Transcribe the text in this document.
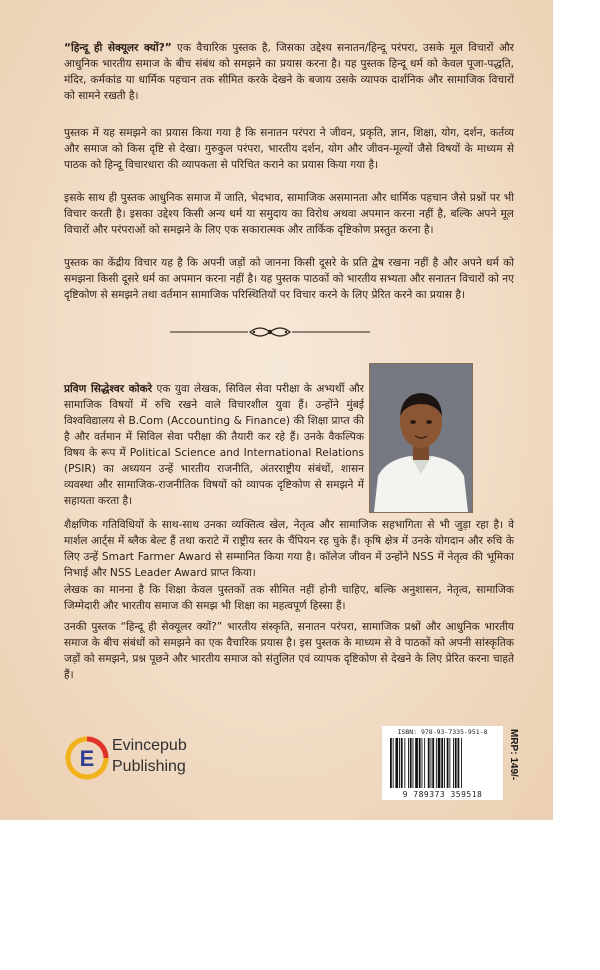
“हिन्दू ही सेक्यूलर क्यों?” एक वैचारिक पुस्तक है, जिसका उद्देश्य सनातन/हिन्दू परंपरा, उसके मूल विचारों और आधुनिक भारतीय समाज के बीच संबंध को समझने का प्रयास करना है। यह पुस्तक हिन्दू धर्म को केवल पूजा-पद्धति, मंदिर, कर्मकांड या धार्मिक पहचान तक सीमित करके देखने के बजाय उसके व्यापक दार्शनिक और सामाजिक विचारों को सामने रखती है।

पुस्तक में यह समझने का प्रयास किया गया है कि सनातन परंपरा ने जीवन, प्रकृति, ज्ञान, शिक्षा, योग, दर्शन, कर्तव्य और समाज को किस दृष्टि से देखा। गुरुकुल परंपरा, भारतीय दर्शन, योग और जीवन-मूल्यों जैसे विषयों के माध्यम से पाठक को हिन्दू विचारधारा की व्यापकता से परिचित कराने का प्रयास किया गया है।

इसके साथ ही पुस्तक आधुनिक समाज में जाति, भेदभाव, सामाजिक असमानता और धार्मिक पहचान जैसे प्रश्नों पर भी विचार करती है। इसका उद्देश्य किसी अन्य धर्म या समुदाय का विरोध अथवा अपमान करना नहीं है, बल्कि अपने मूल विचारों और परंपराओं को समझने के लिए एक सकारात्मक और तार्किक दृष्टिकोण प्रस्तुत करना है।

पुस्तक का केंद्रीय विचार यह है कि अपनी जड़ों को जानना किसी दूसरे के प्रति द्वेष रखना नहीं है और अपने धर्म को समझना किसी दूसरे धर्म का अपमान करना नहीं है। यह पुस्तक पाठकों को भारतीय सभ्यता और सनातन विचारों को नए दृष्टिकोण से समझने तथा वर्तमान सामाजिक परिस्थितियों पर विचार करने के लिए प्रेरित करने का प्रयास है।

प्रविण सिद्धेश्वर कोकरे एक युवा लेखक, सिविल सेवा परीक्षा के अभ्यर्थी और सामाजिक विषयों में रुचि रखने वाले विचारशील युवा हैं। उन्होंने मुंबई विश्वविद्यालय से B.Com (Accounting & Finance) की शिक्षा प्राप्त की है और वर्तमान में सिविल सेवा परीक्षा की तैयारी कर रहे हैं। उनके वैकल्पिक विषय के रूप में Political Science and International Relations (PSIR) का अध्ययन उन्हें भारतीय राजनीति, अंतरराष्ट्रीय संबंधों, शासन व्यवस्था और सामाजिक-राजनीतिक विषयों को व्यापक दृष्टिकोण से समझने में सहायता करता है।

शैक्षणिक गतिविधियों के साथ-साथ उनका व्यक्तित्व खेल, नेतृत्व और सामाजिक सहभागिता से भी जुड़ा रहा है। वे मार्शल आर्ट्स में ब्लैक बेल्ट हैं तथा कराटे में राष्ट्रीय स्तर के चैंपियन रह चुके हैं। कृषि क्षेत्र में उनके योगदान और रुचि के लिए उन्हें Smart Farmer Award से सम्मानित किया गया है। कॉलेज जीवन में उन्होंने NSS में नेतृत्व की भूमिका निभाई और NSS Leader Award प्राप्त किया।

लेखक का मानना है कि शिक्षा केवल पुस्तकों तक सीमित नहीं होनी चाहिए, बल्कि अनुशासन, नेतृत्व, सामाजिक जिम्मेदारी और भारतीय समाज की समझ भी शिक्षा का महत्वपूर्ण हिस्सा हैं।

उनकी पुस्तक “हिन्दू ही सेक्यूलर क्यों?” भारतीय संस्कृति, सनातन परंपरा, सामाजिक प्रश्नों और आधुनिक भारतीय समाज के बीच संबंधों को समझने का एक वैचारिक प्रयास है। इस पुस्तक के माध्यम से वे पाठकों को अपनी सांस्कृतिक जड़ों को समझने, प्रश्न पूछने और भारतीय समाज को संतुलित एवं व्यापक दृष्टिकोण से देखने के लिए प्रेरित करना चाहते हैं।

E
Evincepub
Publishing
ISBN: 978-93-7335-951-8
9 789373 359518
MRP: 149/-
